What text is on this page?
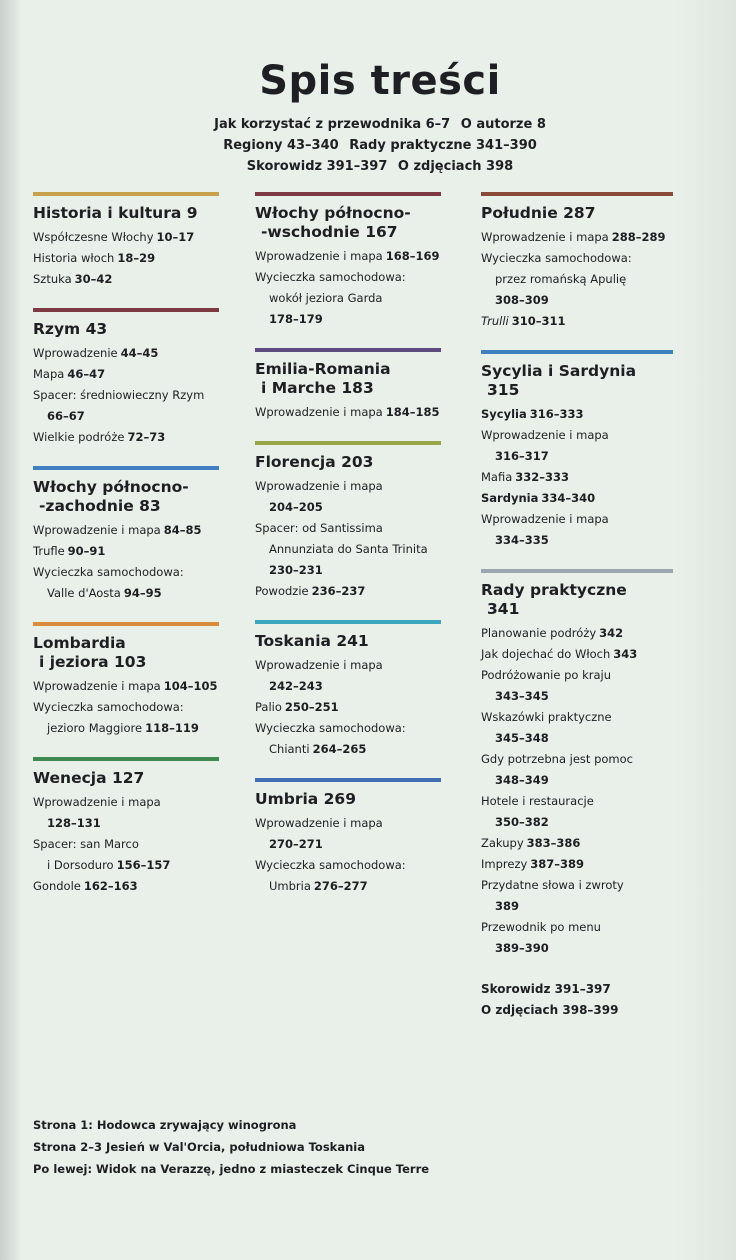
Spis treści
Jak korzystać z przewodnika 6–7 O autorze 8
Regiony 43–340 Rady praktyczne 341–390
Skorowidz 391–397 O zdjęciach 398
Historia i kultura 9
Współczesne Włochy 10–17
Historia włoch 18–29
Sztuka 30–42
Rzym 43
Wprowadzenie 44–45
Mapa 46–47
Spacer: średniowieczny Rzym
66–67
Wielkie podróże 72–73
Włochy północno-
-zachodnie 83
Wprowadzenie i mapa 84–85
Trufle 90–91
Wycieczka samochodowa:
Valle d'Aosta 94–95
Lombardia
i jeziora 103
Wprowadzenie i mapa 104–105
Wycieczka samochodowa:
jezioro Maggiore 118–119
Wenecja 127
Wprowadzenie i mapa
128–131
Spacer: san Marco
i Dorsoduro 156–157
Gondole 162–163
Włochy północno-
-wschodnie 167
Wprowadzenie i mapa 168–169
Wycieczka samochodowa:
wokół jeziora Garda
178–179
Emilia-Romania
i Marche 183
Wprowadzenie i mapa 184–185
Florencja 203
Wprowadzenie i mapa
204–205
Spacer: od Santissima
Annunziata do Santa Trinita
230–231
Powodzie 236–237
Toskania 241
Wprowadzenie i mapa
242–243
Palio 250–251
Wycieczka samochodowa:
Chianti 264–265
Umbria 269
Wprowadzenie i mapa
270–271
Wycieczka samochodowa:
Umbria 276–277
Południe 287
Wprowadzenie i mapa 288–289
Wycieczka samochodowa:
przez romańską Apulię
308–309
Trulli 310–311
Sycylia i Sardynia
315
Sycylia 316–333
Wprowadzenie i mapa
316–317
Mafia 332–333
Sardynia 334–340
Wprowadzenie i mapa
334–335
Rady praktyczne
341
Planowanie podróży 342
Jak dojechać do Włoch 343
Podróżowanie po kraju
343–345
Wskazówki praktyczne
345–348
Gdy potrzebna jest pomoc
348–349
Hotele i restauracje
350–382
Zakupy 383–386
Imprezy 387–389
Przydatne słowa i zwroty
389
Przewodnik po menu
389–390
Skorowidz 391–397
O zdjęciach 398–399
Strona 1: Hodowca zrywający winogrona
Strona 2–3 Jesień w Val'Orcia, południowa Toskania
Po lewej: Widok na Verazzę, jedno z miasteczek Cinque Terre
